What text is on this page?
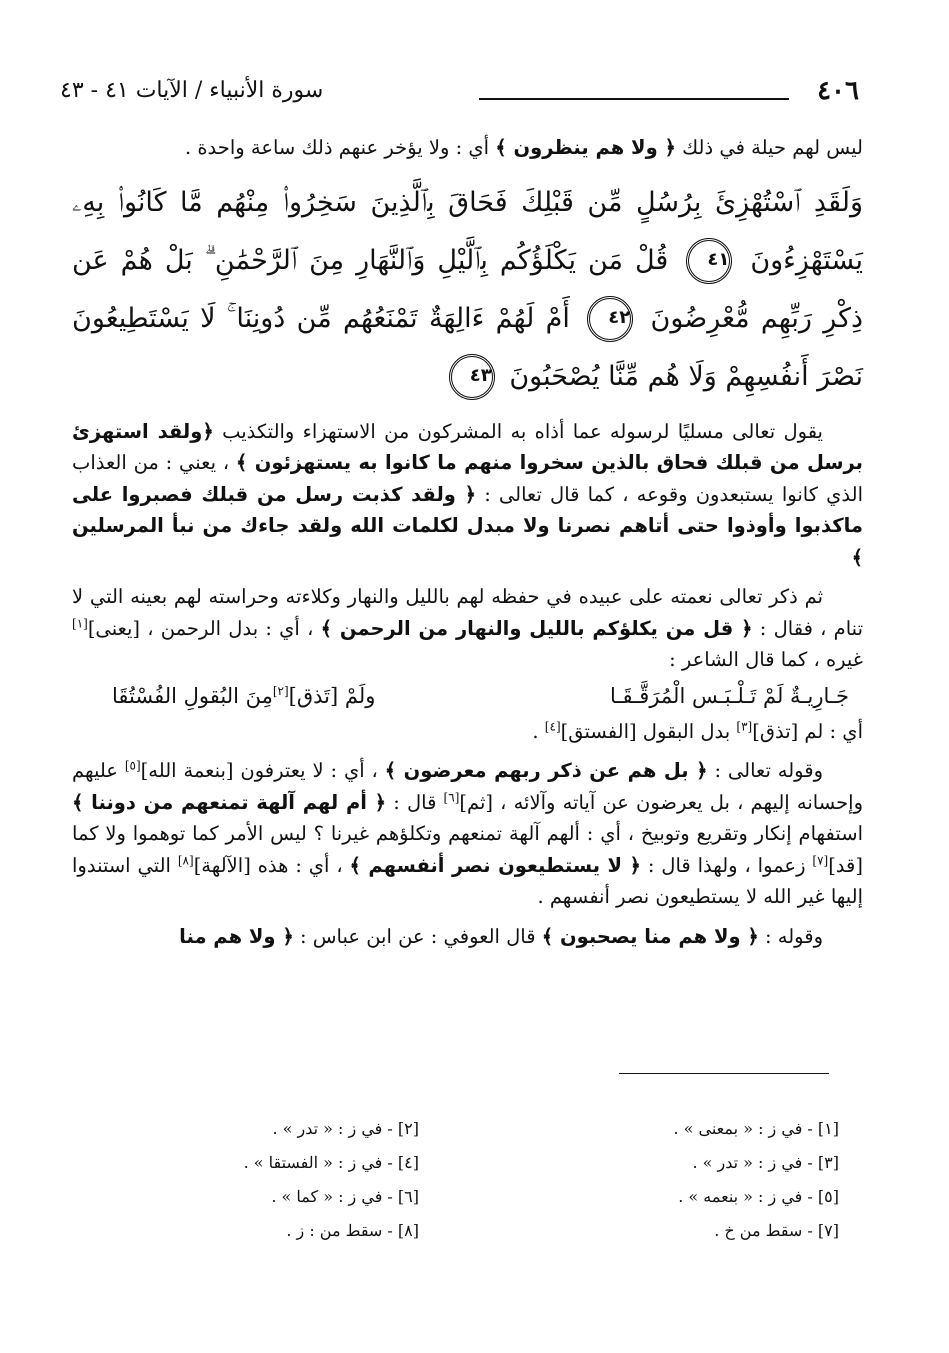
٤٠٦
سورة الأنبياء / الآيات ٤١ - ٤٣

ليس لهم حيلة في ذلك ﴿ ولا هم ينظرون ﴾ أي : ولا يؤخر عنهم ذلك ساعة واحدة .

وَلَقَدِ ٱسْتُهْزِئَ بِرُسُلٍ مِّن قَبْلِكَ فَحَاقَ بِٱلَّذِينَ سَخِرُوا۟ مِنْهُم مَّا كَانُوا۟ بِهِۦ يَسْتَهْزِءُونَ ٤١ قُلْ مَن يَكْلَؤُكُم بِٱلَّيْلِ وَٱلنَّهَارِ مِنَ ٱلرَّحْمَٰنِ ۗ بَلْ هُمْ عَن ذِكْرِ رَبِّهِم مُّعْرِضُونَ ٤٢ أَمْ لَهُمْ ءَالِهَةٌ تَمْنَعُهُم مِّن دُونِنَا ۚ لَا يَسْتَطِيعُونَ نَصْرَ أَنفُسِهِمْ وَلَا هُم مِّنَّا يُصْحَبُونَ ٤٣

يقول تعالى مسليًا لرسوله عما أذاه به المشركون من الاستهزاء والتكذيب ﴿ولقد استهزئ برسل من قبلك فحاق بالذين سخروا منهم ما كانوا به يستهزئون ﴾ ، يعني : من العذاب الذي كانوا يستبعدون وقوعه ، كما قال تعالى : ﴿ ولقد كذبت رسل من قبلك فصبروا على ماكذبوا وأوذوا حتى أتاهم نصرنا ولا مبدل لكلمات الله ولقد جاءك من نبأ المرسلين ﴾

ثم ذكر تعالى نعمته على عبيده في حفظه لهم بالليل والنهار وكلاءته وحراسته لهم بعينه التي لا تنام ، فقال : ﴿ قل من يكلؤكم بالليل والنهار من الرحمن ﴾ ، أي : بدل الرحمن ، [يعنى][١] غيره ، كما قال الشاعر :

جَـارِيـةٌ لَمْ تَـلْـبَـس الْمُرَقَّـقَـا
ولَمْ [تَذق][٢]مِنَ البُقولِ الفُسْتُقَا

أي : لم [تذق][٣] بدل البقول [الفستق][٤] .

وقوله تعالى : ﴿ بل هم عن ذكر ربهم معرضون ﴾ ، أي : لا يعترفون [بنعمة الله][٥] عليهم وإحسانه إليهم ، بل يعرضون عن آياته وآلائه ، [ثم][٦] قال : ﴿ أم لهم آلهة تمنعهم من دوننا ﴾ استفهام إنكار وتقريع وتوبيخ ، أي : ألهم آلهة تمنعهم وتكلؤهم غيرنا ؟ ليس الأمر كما توهموا ولا كما [قد][٧] زعموا ، ولهذا قال : ﴿ لا يستطيعون نصر أنفسهم ﴾ ، أي : هذه [الآلهة][٨] التي استندوا إليها غير الله لا يستطيعون نصر أنفسهم .

وقوله : ﴿ ولا هم منا يصحبون ﴾ قال العوفي : عن ابن عباس : ﴿ ولا هم منا

[١] - في ز : « بمعنى » .
[٣] - في ز : « تدر » .
[٥] - في ز : « بنعمه » .
[٧] - سقط من خ .
[٢] - في ز : « تدر » .
[٤] - في ز : « الفستقا » .
[٦] - في ز : « كما » .
[٨] - سقط من : ز .
